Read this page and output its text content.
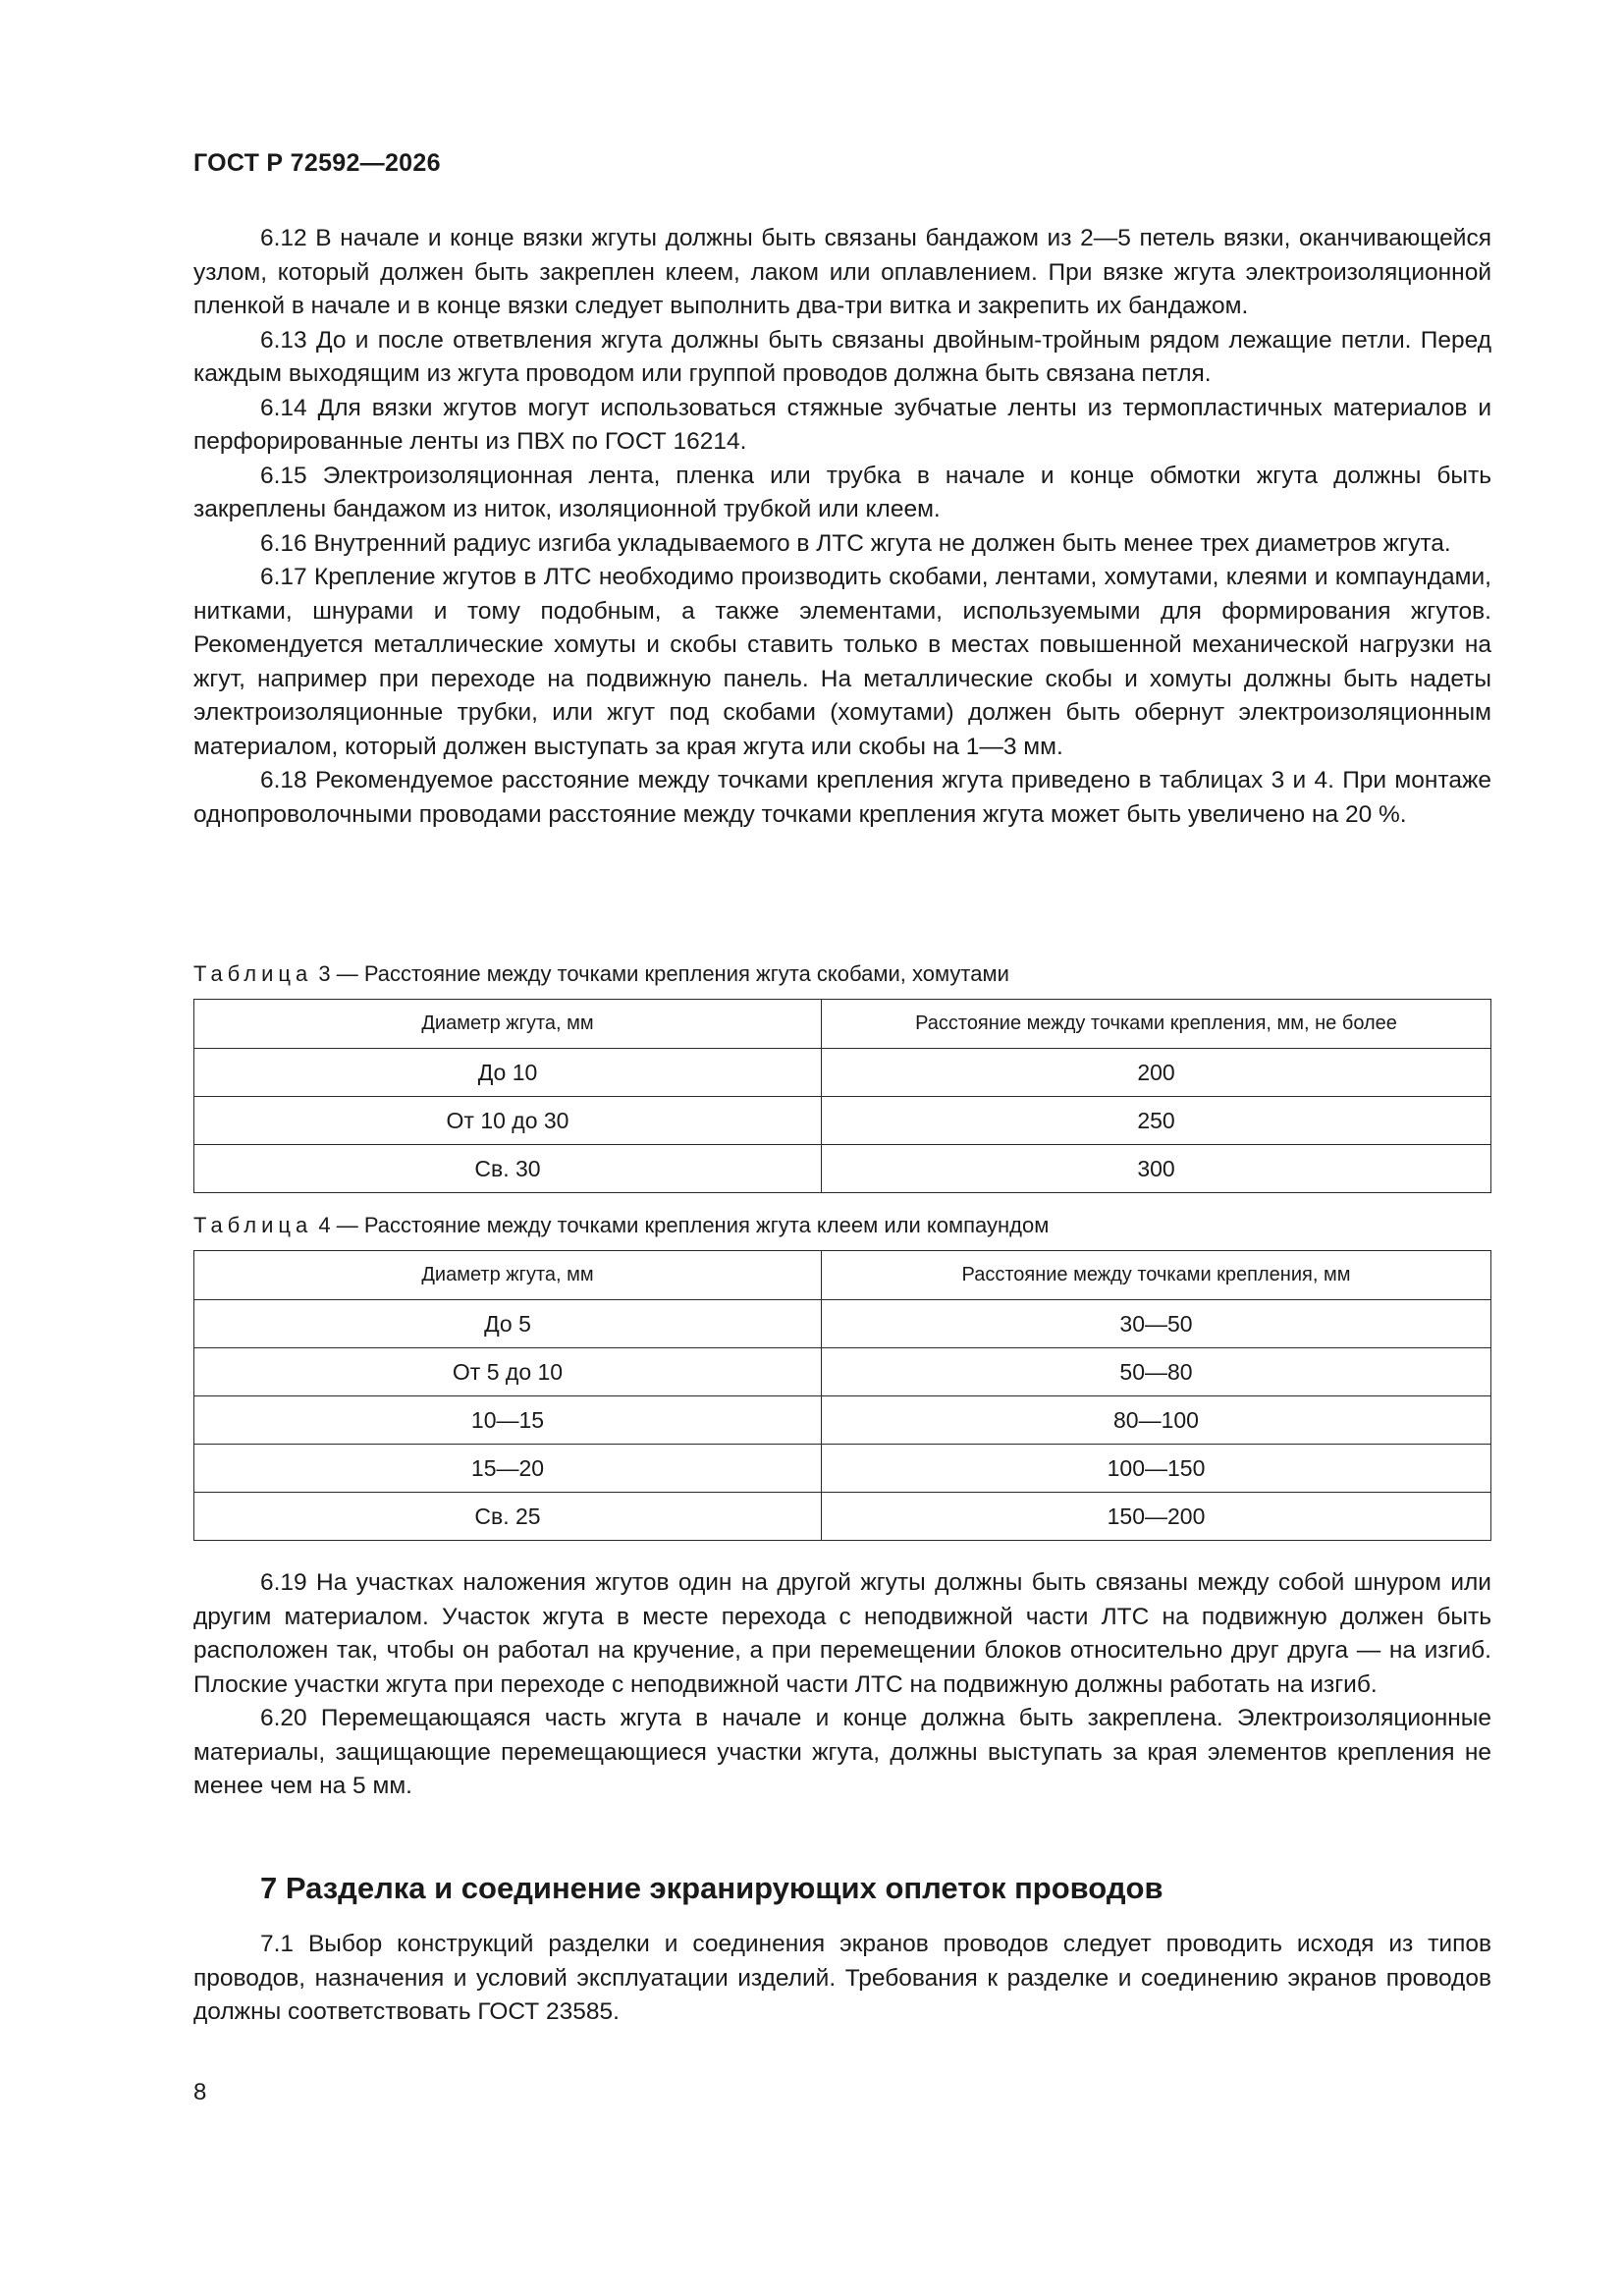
ГОСТ Р 72592—2026

6.12 В начале и конце вязки жгуты должны быть связаны бандажом из 2—5 петель вязки, оканчивающейся узлом, который должен быть закреплен клеем, лаком или оплавлением. При вязке жгута электроизоляционной пленкой в начале и в конце вязки следует выполнить два-три витка и закрепить их бандажом.

6.13 До и после ответвления жгута должны быть связаны двойным-тройным рядом лежащие петли. Перед каждым выходящим из жгута проводом или группой проводов должна быть связана петля.

6.14 Для вязки жгутов могут использоваться стяжные зубчатые ленты из термопластичных материалов и перфорированные ленты из ПВХ по ГОСТ 16214.

6.15 Электроизоляционная лента, пленка или трубка в начале и конце обмотки жгута должны быть закреплены бандажом из ниток, изоляционной трубкой или клеем.

6.16 Внутренний радиус изгиба укладываемого в ЛТС жгута не должен быть менее трех диаметров жгута.

6.17 Крепление жгутов в ЛТС необходимо производить скобами, лентами, хомутами, клеями и компаундами, нитками, шнурами и тому подобным, а также элементами, используемыми для формирования жгутов. Рекомендуется металлические хомуты и скобы ставить только в местах повышенной механической нагрузки на жгут, например при переходе на подвижную панель. На металлические скобы и хомуты должны быть надеты электроизоляционные трубки, или жгут под скобами (хомутами) должен быть обернут электроизоляционным материалом, который должен выступать за края жгута или скобы на 1—3 мм.

6.18 Рекомендуемое расстояние между точками крепления жгута приведено в таблицах 3 и 4. При монтаже однопроволочными проводами расстояние между точками крепления жгута может быть увеличено на 20 %.

Таблица 3 — Расстояние между точками крепления жгута скобами, хомутами
Диаметр жгута, мм	Расстояние между точками крепления, мм, не более
До 10	200
От 10 до 30	250
Св. 30	300
Таблица 4 — Расстояние между точками крепления жгута клеем или компаундом
Диаметр жгута, мм	Расстояние между точками крепления, мм
До 5	30—50
От 5 до 10	50—80
10—15	80—100
15—20	100—150
Св. 25	150—200

6.19 На участках наложения жгутов один на другой жгуты должны быть связаны между собой шнуром или другим материалом. Участок жгута в месте перехода с неподвижной части ЛТС на подвижную должен быть расположен так, чтобы он работал на кручение, а при перемещении блоков относительно друг друга — на изгиб. Плоские участки жгута при переходе с неподвижной части ЛТС на подвижную должны работать на изгиб.

6.20 Перемещающаяся часть жгута в начале и конце должна быть закреплена. Электроизоляционные материалы, защищающие перемещающиеся участки жгута, должны выступать за края элементов крепления не менее чем на 5 мм.

7 Разделка и соединение экранирующих оплеток проводов

7.1 Выбор конструкций разделки и соединения экранов проводов следует проводить исходя из типов проводов, назначения и условий эксплуатации изделий. Требования к разделке и соединению экранов проводов должны соответствовать ГОСТ 23585.

8
